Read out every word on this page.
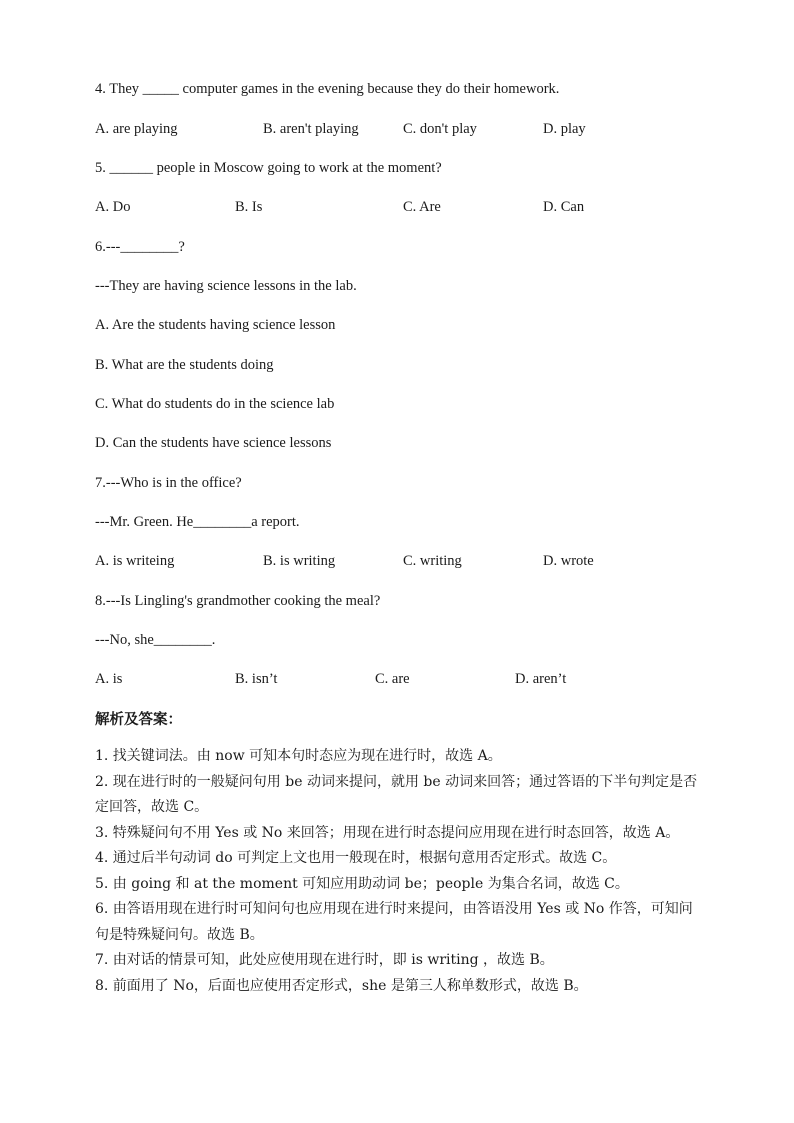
4. They _____ computer games in the evening because they do their homework.
A. are playing	B. aren't playing	C. don't play	D. play
5. ______ people in Moscow going to work at the moment?
A. Do	B. Is	C. Are	D. Can
6.---________?
---They are having science lessons in the lab.
A. Are the students having science lesson
B. What are the students doing
C. What do students do in the science lab
D. Can the students have science lessons
7.---Who is in the office?
---Mr. Green. He________a report.
A. is writeing	B. is writing	C. writing	D. wrote
8.---Is Lingling's grandmother cooking the meal?
---No, she________.
A. is	B. isn’t	C. are	D. aren’t
解析及答案：

1. 找关键词法。由 now 可知本句时态应为现在进行时，故选 A。

2. 现在进行时的一般疑问句用 be 动词来提问，就用 be 动词来回答；通过答语的下半句判定是否定回答，故选 C。

3. 特殊疑问句不用 Yes 或 No 来回答；用现在进行时态提问应用现在进行时态回答，故选 A。

4. 通过后半句动词 do 可判定上文也用一般现在时，根据句意用否定形式。故选 C。

5. 由 going 和 at the moment 可知应用助动词 be；people 为集合名词，故选 C。

6. 由答语用现在进行时可知问句也应用现在进行时来提问，由答语没用 Yes 或 No 作答，可知问句是特殊疑问句。故选 B。

7. 由对话的情景可知，此处应使用现在进行时，即 is writing ，故选 B。

8. 前面用了 No，后面也应使用否定形式，she 是第三人称单数形式，故选 B。
